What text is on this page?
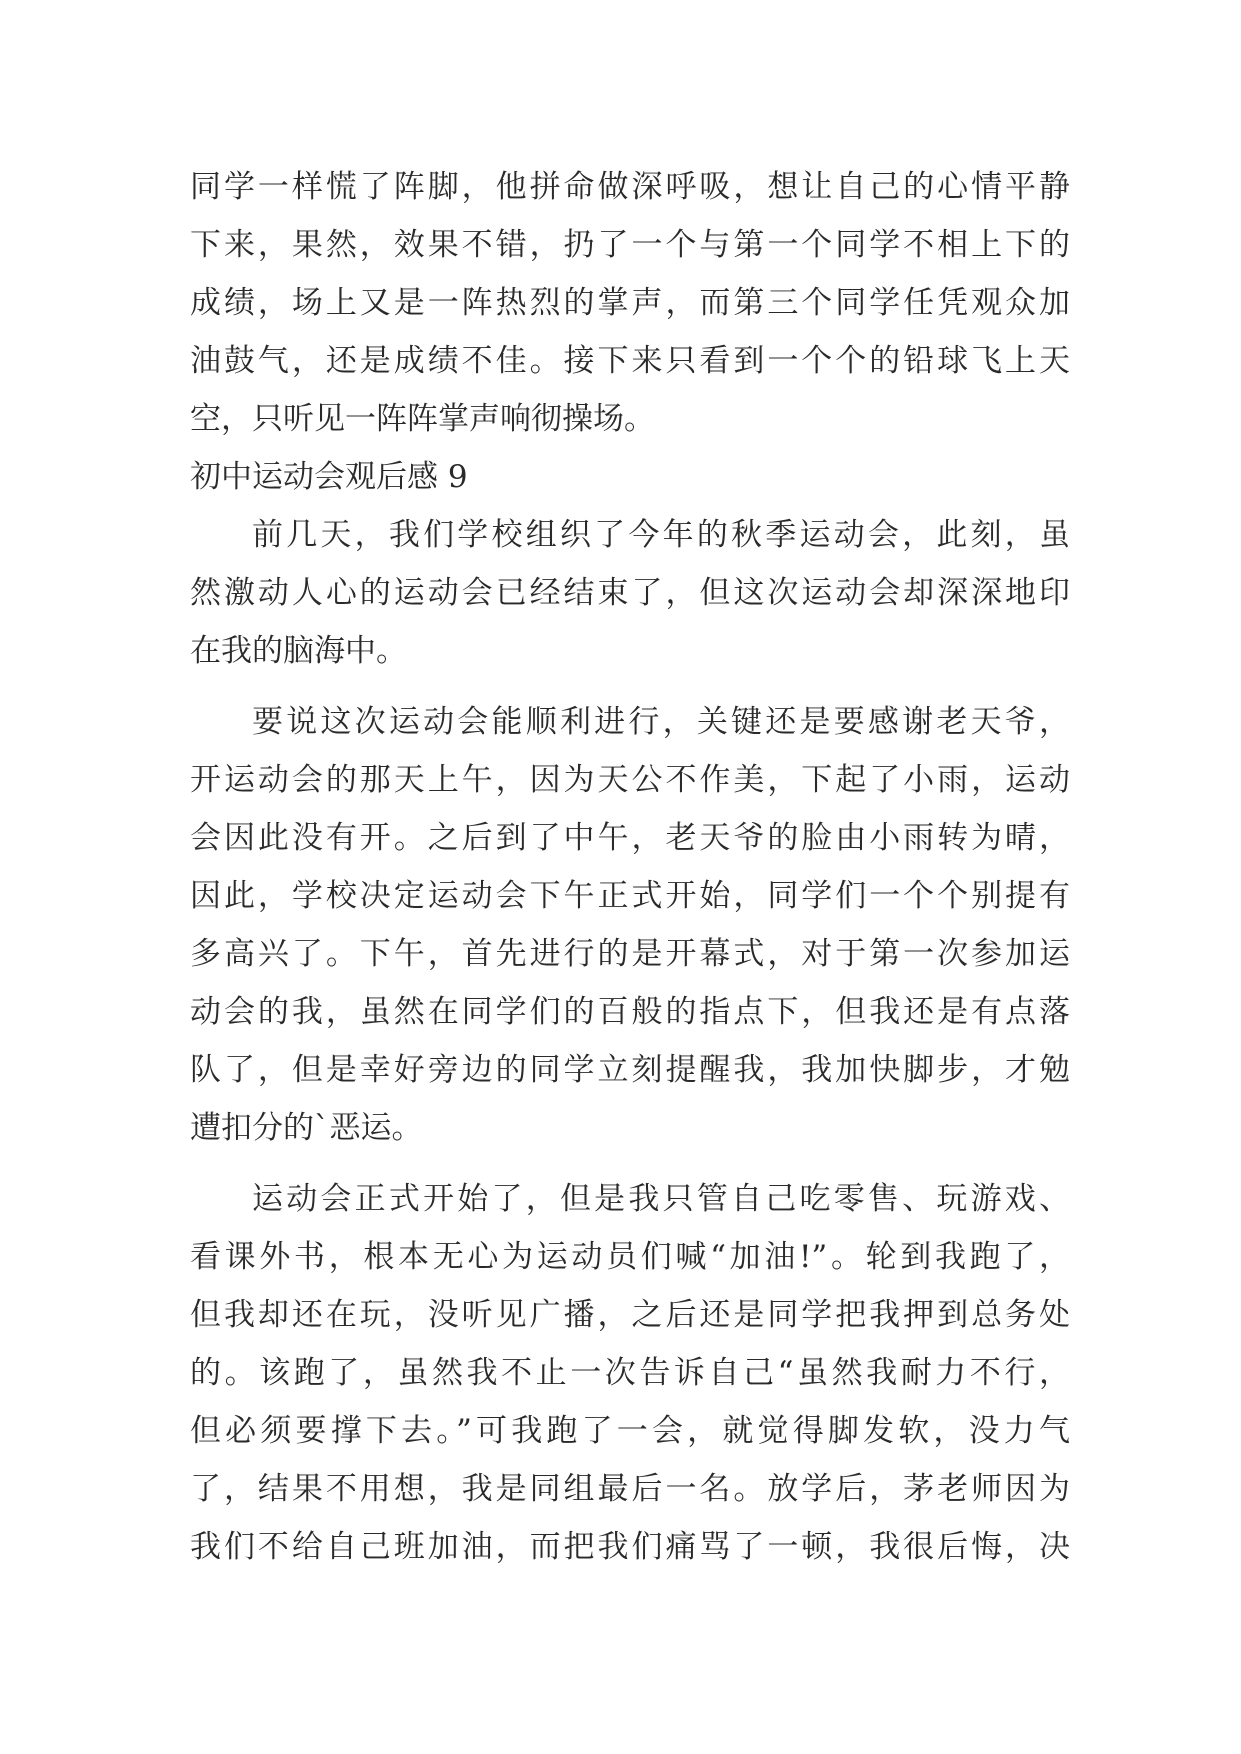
同学一样慌了阵脚，他拼命做深呼吸，想让自己的心情平静
下来，果然，效果不错，扔了一个与第一个同学不相上下的
成绩，场上又是一阵热烈的掌声，而第三个同学任凭观众加
油鼓气，还是成绩不佳。接下来只看到一个个的铅球飞上天
空，只听见一阵阵掌声响彻操场。
初中运动会观后感 9
前几天，我们学校组织了今年的秋季运动会，此刻，虽
然激动人心的运动会已经结束了，但这次运动会却深深地印
在我的脑海中。
要说这次运动会能顺利进行，关键还是要感谢老天爷，
开运动会的那天上午，因为天公不作美，下起了小雨，运动
会因此没有开。之后到了中午，老天爷的脸由小雨转为晴，
因此，学校决定运动会下午正式开始，同学们一个个别提有
多高兴了。下午，首先进行的是开幕式，对于第一次参加运
动会的我，虽然在同学们的百般的指点下，但我还是有点落
队了，但是幸好旁边的同学立刻提醒我，我加快脚步，才勉
遭扣分的`恶运。
运动会正式开始了，但是我只管自己吃零售、玩游戏、
看课外书，根本无心为运动员们喊“加油!”。轮到我跑了，
但我却还在玩，没听见广播，之后还是同学把我押到总务处
的。该跑了，虽然我不止一次告诉自己“虽然我耐力不行，
但必须要撑下去。”可我跑了一会，就觉得脚发软，没力气
了，结果不用想，我是同组最后一名。放学后，茅老师因为
我们不给自己班加油，而把我们痛骂了一顿，我很后悔，决
